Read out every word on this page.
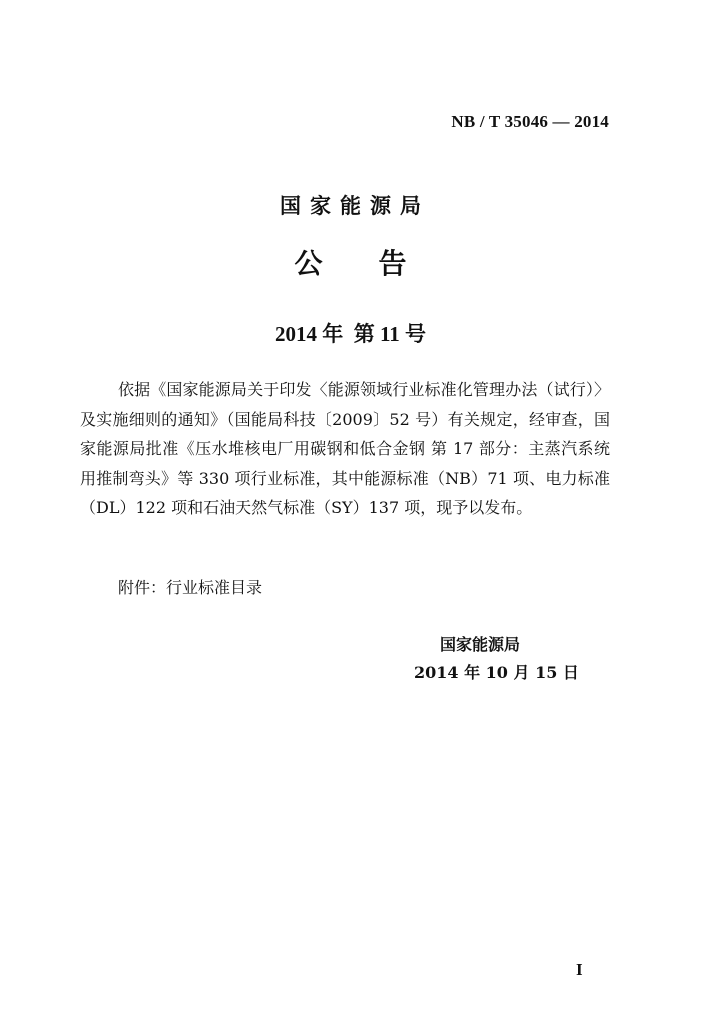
NB / T 35046 — 2014
国家能源局
公告
2014 年  第 11 号

依据《国家能源局关于印发〈能源领域行业标准化管理办法（试行）〉及实施细则的通知》（国能局科技〔2009〕52 号）有关规定，经审查，国家能源局批准《压水堆核电厂用碳钢和低合金钢 第 17 部分：主蒸汽系统用推制弯头》等 330 项行业标准，其中能源标准（NB）71 项、电力标准（DL）122 项和石油天然气标准（SY）137 项，现予以发布。

附件：行业标准目录
国家能源局
2014 年 10 月 15 日
I
